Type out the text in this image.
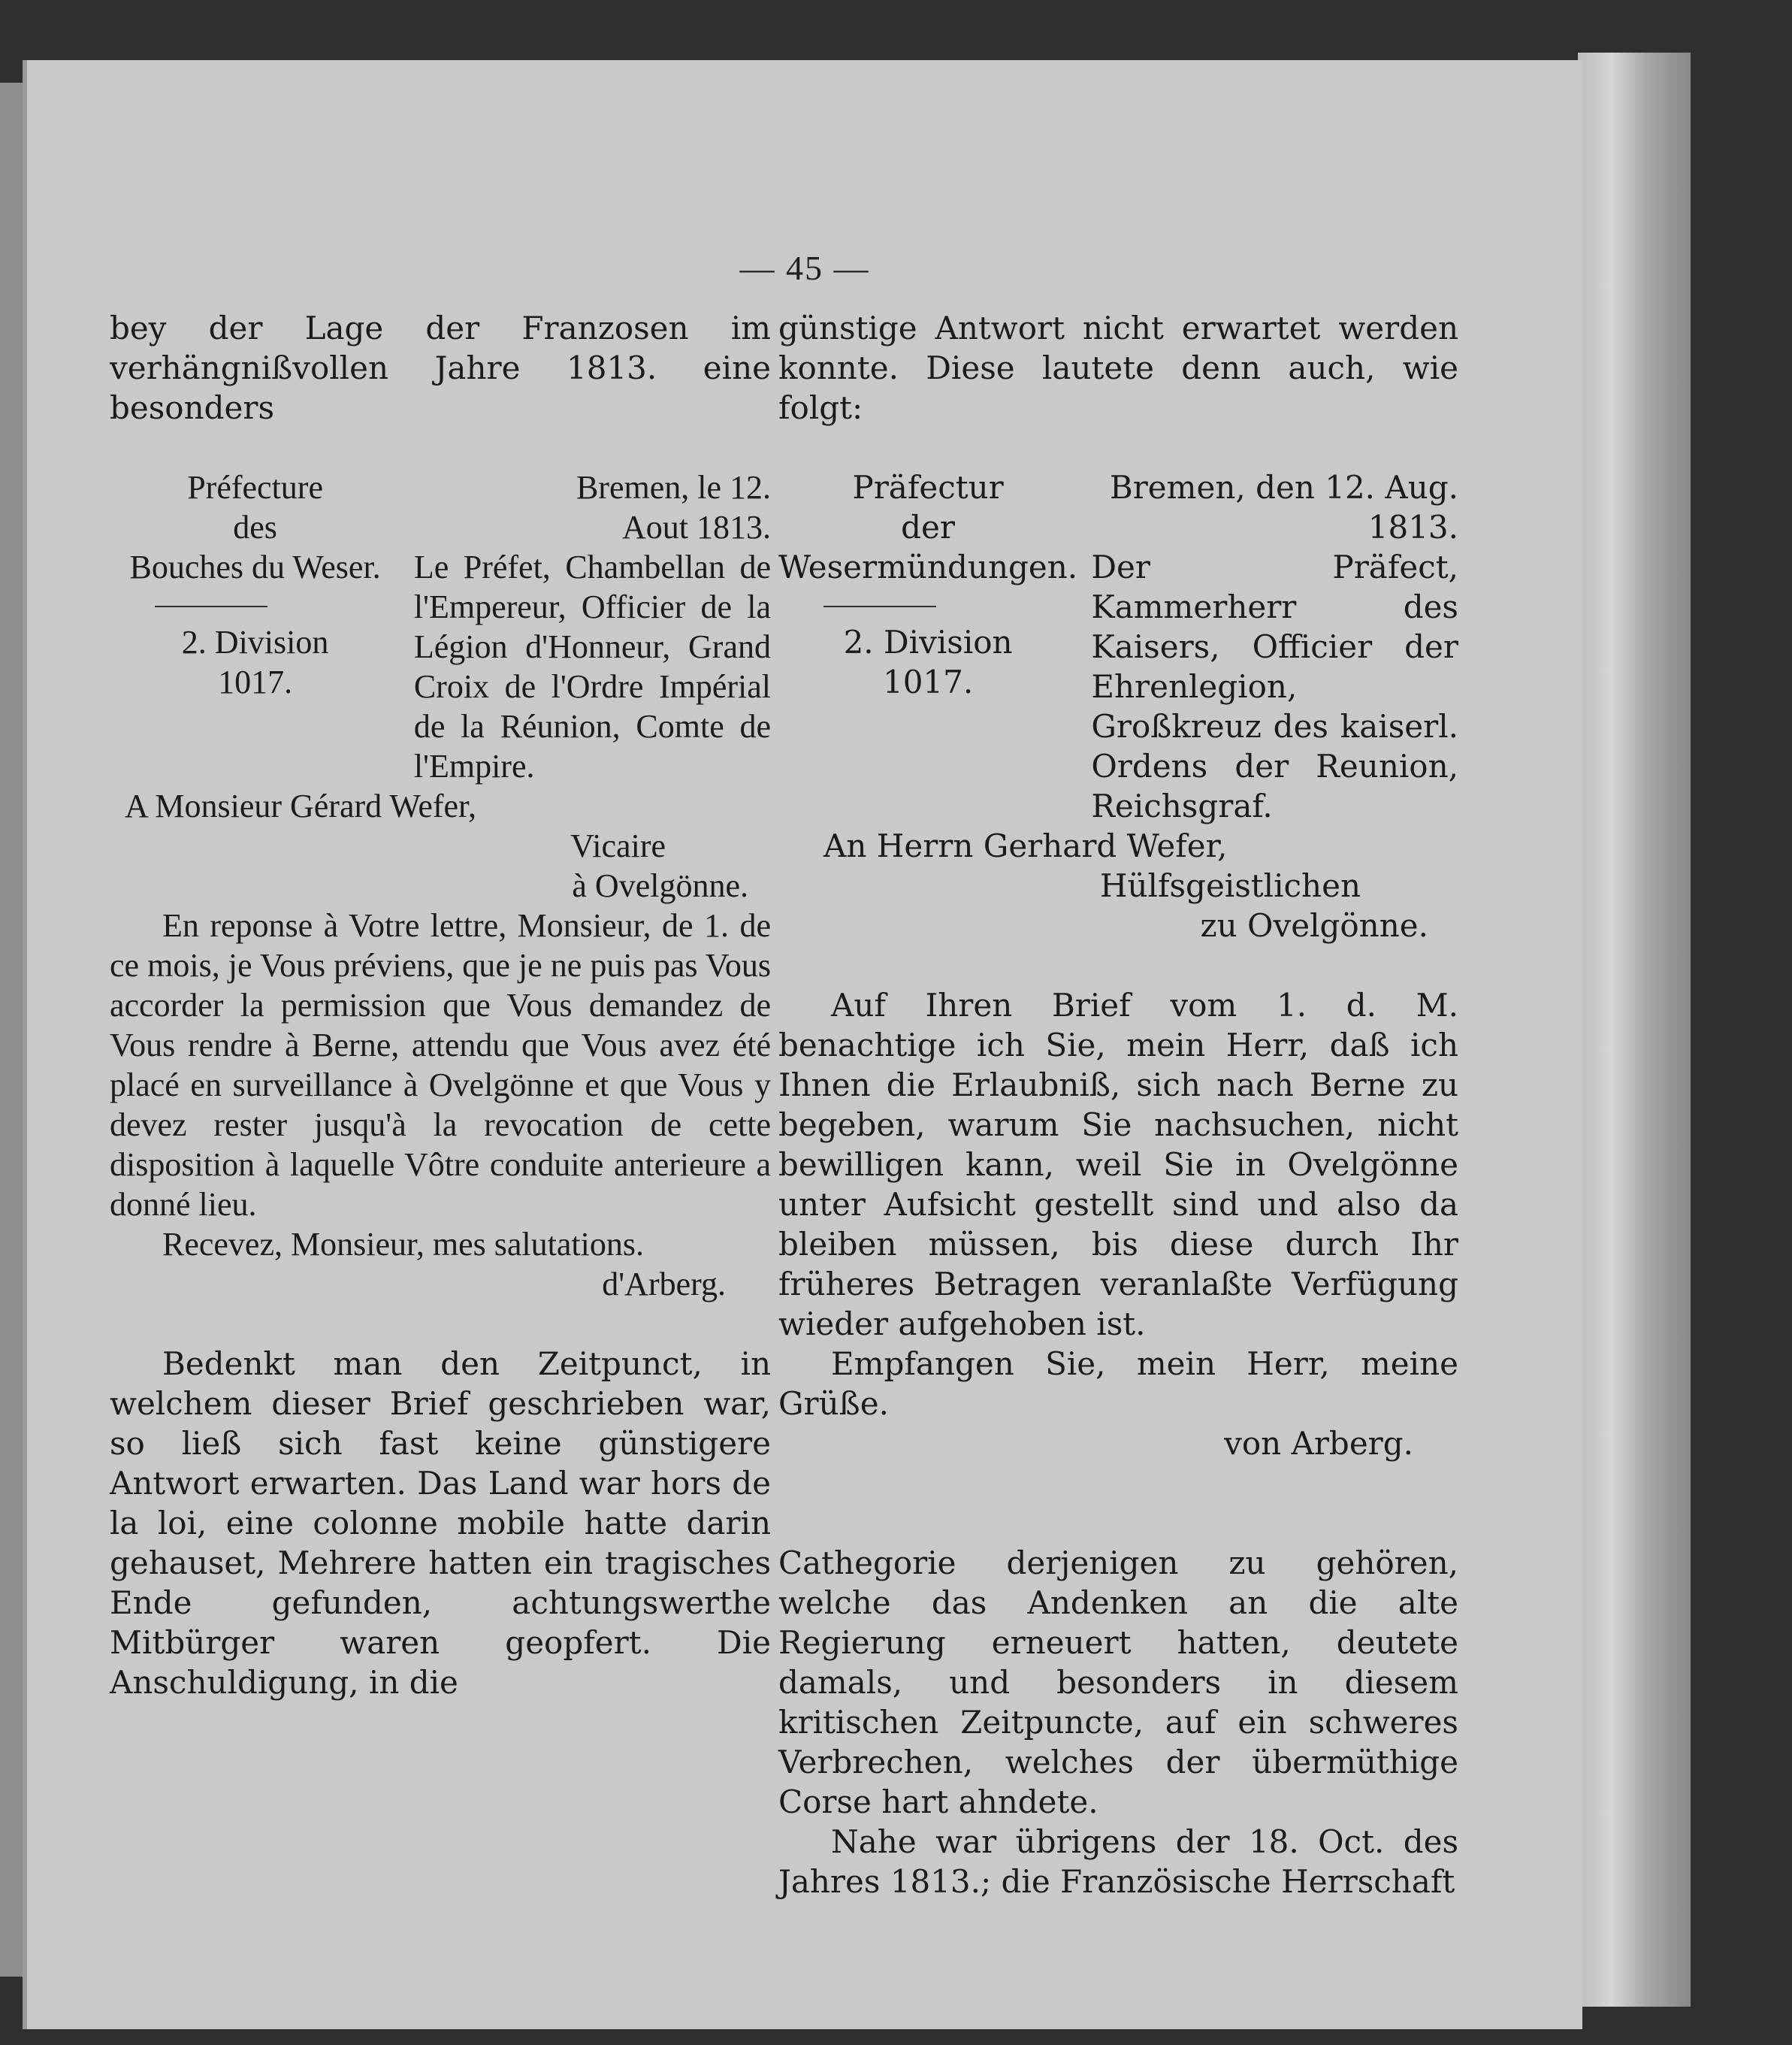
— 45 —
bey der Lage der Franzosen im verhängnißvollen Jahre 1813. eine besonders
Préfecture
des
Bouches du Weser.
2. Division
1017.
Bremen, le 12.
Aout 1813.
Le Préfet, Chambellan de l'Empereur, Officier de la Légion d'Honneur, Grand Croix de l'Ordre Impérial de la Réunion, Comte de l'Empire.
A Monsieur Gérard Wefer,
Vicaire
à Ovelgönne.
En reponse à Votre lettre, Monsieur, de 1. de ce mois, je Vous préviens, que je ne puis pas Vous accorder la permission que Vous demandez de Vous rendre à Berne, attendu que Vous avez été placé en surveillance à Ovelgönne et que Vous y devez rester jusqu'à la revocation de cette disposition à laquelle Vôtre conduite anterieure a donné lieu.
Recevez, Monsieur, mes salutations.
d'Arberg.
Bedenkt man den Zeitpunct, in welchem dieser Brief geschrieben war, so ließ sich fast keine günstigere Antwort erwarten. Das Land war hors de la loi, eine colonne mobile hatte darin gehauset, Mehrere hatten ein tragisches Ende gefunden, achtungswerthe Mitbürger waren geopfert. Die Anschuldigung, in die
günstige Antwort nicht erwartet werden konnte. Diese lautete denn auch, wie folgt:
Präfectur
der
Wesermündungen.
2. Division
1017.
Bremen, den 12. Aug.
1813.
Der Präfect, Kammerherr des Kaisers, Officier der Ehrenlegion, Großkreuz des kaiserl. Ordens der Reunion, Reichsgraf.
An Herrn Gerhard Wefer,
Hülfsgeistlichen
zu Ovelgönne.
Auf Ihren Brief vom 1. d. M. benachtige ich Sie, mein Herr, daß ich Ihnen die Erlaubniß, sich nach Berne zu begeben, warum Sie nachsuchen, nicht bewilligen kann, weil Sie in Ovelgönne unter Aufsicht gestellt sind und also da bleiben müssen, bis diese durch Ihr früheres Betragen veranlaßte Verfügung wieder aufgehoben ist.
Empfangen Sie, mein Herr, meine Grüße.
von Arberg.
Cathegorie derjenigen zu gehören, welche das Andenken an die alte Regierung erneuert hatten, deutete damals, und besonders in diesem kritischen Zeitpuncte, auf ein schweres Verbrechen, welches der übermüthige Corse hart ahndete.
Nahe war übrigens der 18. Oct. des Jahres 1813.; die Französische Herrschaft
